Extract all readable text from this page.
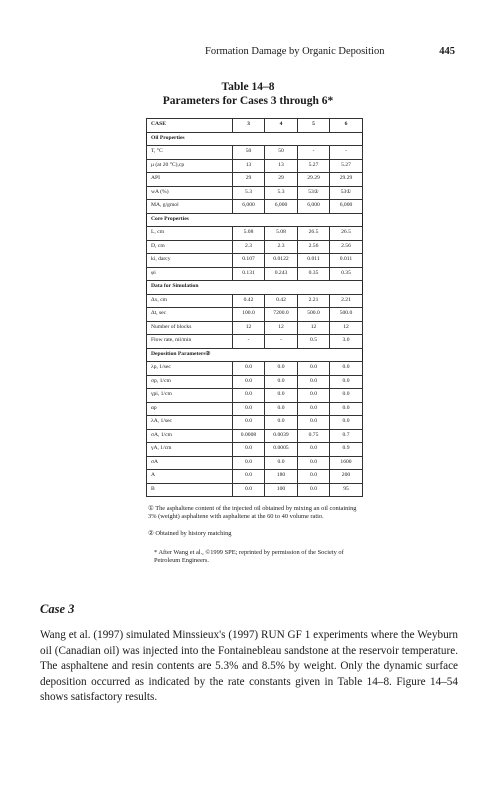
Formation Damage by Organic Deposition	445
Table 14–8
Parameters for Cases 3 through 6*
CASE	3	4	5	6
Oil Properties				
T, °C	50	50	-	-
μ (at 20 °C),cp	13	13	5.27	5.27
API	29	29	29.29	29.29
wA (%)	5.3	5.3	53①	53①
MA, g/gmol	6,000	6,000	6,000	6,000
Core Properties				
L, cm	5.08	5.08	26.5	26.5
D, cm	2.3	2.3	2.56	2.56
ki, darcy	0.107	0.0122	0.011	0.011
φi	0.131	0.243	0.35	0.35
Data for Simulation				
Δx, cm	0.42	0.42	2.21	2.21
Δt, sec	100.0	7200.0	500.0	500.0
Number of blocks	12	12	12	12
Flow rate, ml/min	-	-	0.5	3.0
Deposition Parameters②				
λp, 1/sec	0.0	0.0	0.0	0.0
σp, 1/cm	0.0	0.0	0.0	0.0
γpi, 1/cm	0.0	0.0	0.0	0.0
αp	0.0	0.0	0.0	0.0
λA, 1/sec	0.0	0.0	0.0	0.0
σA, 1/cm	0.0008	0.0039	0.75	0.7
γA, 1/cm	0.0	0.0005	0.0	0.9
σA	0.0	0.0	0.0	1600
A	0.0	180	0.0	200
B	0.0	100	0.0	95
① The asphaltene content of the injected oil obtained by mixing an oil containing 3% (weight) asphaltene with asphaltene at the 60 to 40 volume ratio.
② Obtained by history matching
* After Wang et al., ©1999 SPE; reprinted by permission of the Society of Petroleum Engineers.
Case 3
Wang et al. (1997) simulated Minssieux's (1997) RUN GF 1 experiments where the Weyburn oil (Canadian oil) was injected into the Fontainebleau sandstone at the reservoir temperature. The asphaltene and resin contents are 5.3% and 8.5% by weight. Only the dynamic surface deposition occurred as indicated by the rate constants given in Table 14–8. Figure 14–54 shows satisfactory results.
